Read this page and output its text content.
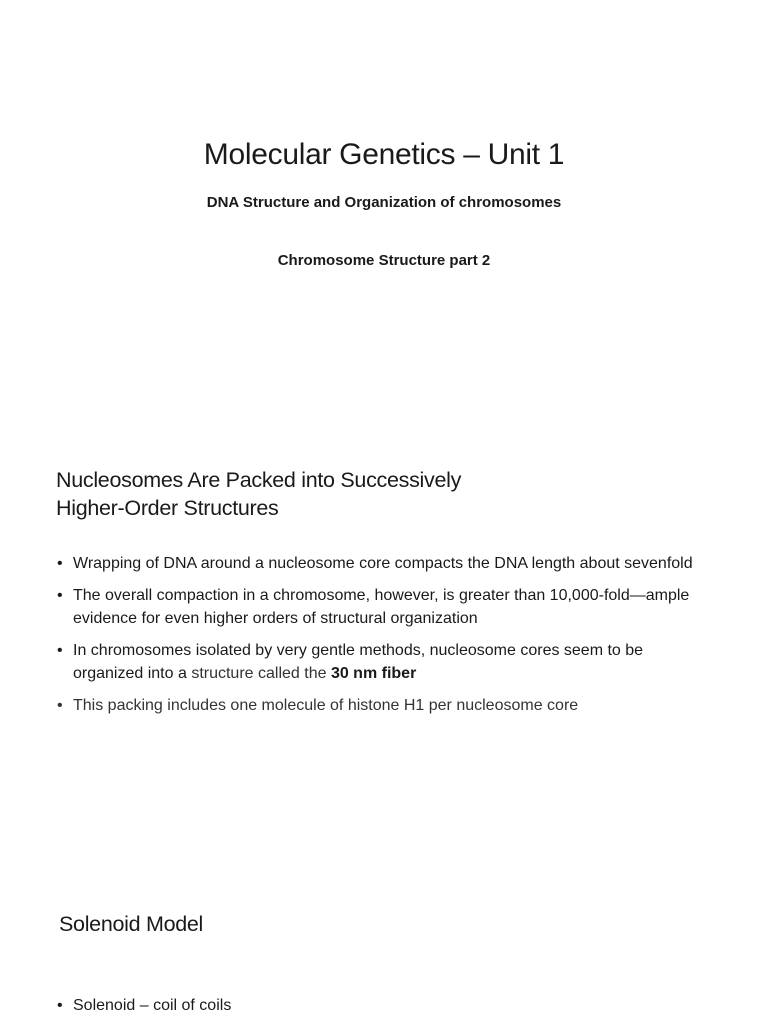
Molecular Genetics – Unit 1
DNA Structure and Organization of chromosomes
Chromosome Structure part 2
Nucleosomes Are Packed into Successively
Higher-Order Structures
• Wrapping of DNA around a nucleosome core compacts the DNA length about sevenfold
• The overall compaction in a chromosome, however, is greater than 10,000-fold—ample evidence for even higher orders of structural organization
• In chromosomes isolated by very gentle methods, nucleosome cores seem to be organized into a structure called the 30 nm fiber
• This packing includes one molecule of histone H1 per nucleosome core
Solenoid Model
• Solenoid – coil of coils
